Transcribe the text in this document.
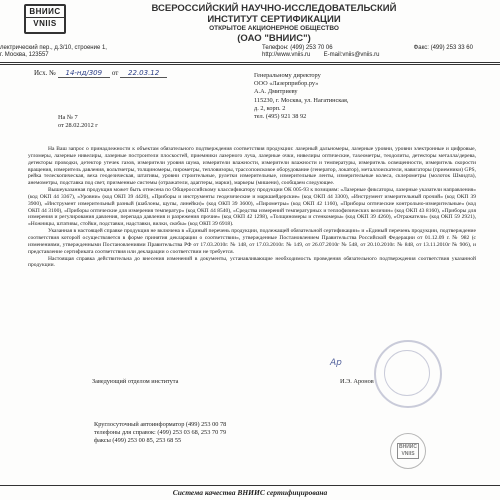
ВНИИС
VNIIS
ВСЕРОССИЙСКИЙ НАУЧНО-ИССЛЕДОВАТЕЛЬСКИЙ
ИНСТИТУТ СЕРТИФИКАЦИИ
ОТКРЫТОЕ АКЦИОНЕРНОЕ ОБЩЕСТВО
(ОАО "ВНИИС")
лектрический пер., д.3/10, строение 1,
г. Москва, 123557
Телефон: (499) 253 70 06	Факс: (499) 253 33 60
http://www.vniis.ru E-mail:vniis@vniis.ru
Исх. № 14-нд/309 от 22.03.12	Генеральному директору
ООО «Лазерприбор.ру»
А.А. Дмитриеву
115230, г. Москва, ул. Нагатинская,
д. 2, корп. 2
тел. (495) 921 38 92
На № 7
от 28.02.2012 г

На Ваш запрос о принадлежности к объектам обязательного подтверждения соответствия продукции: лазерный дальномеры, лазерные уровни, уровни электронные и цифровые, угломеры, лазерные нивелиры, лазерные построители плоскостей, приемники лазерного луча, лазерные очки, нивелиры оптические, тахеометры, теодолиты, детекторы металла/дерева, детекторы проводки, детектор утечек газов, измерители уровня шума, измерители влажности, измерители влажности и температуры, измеритель освещенности, измеритель скорости вращения, измеритель давления, вольтметры, толщиномеры, пирометры, тепловизоры, трассопоисковое оборудование (генератор, локатор), металлоискатели, навигаторы (приемники) GPS, рейка телескопическая, веха геодезическая, штативы, уровни строительные, рулетки измерительные, измерительные ленты, измерительные колеса, склерометры (молоток Шмидта), анемометры, подставка под свет, призменные системы (отражатели, адаптеры, марки), маркеры (мишени), сообщаем следующее.

Вышеуказанная продукция может быть отнесена по Общероссийскому классификатору продукции ОК 005-93 к позициям: «Лазерные фиксаторы, лазерные указатели направления» (код ОКП 44 3367), «Уровни» (код ОКП 39 4420), «Приборы и инструменты геодезические и маркшейдерские» (код ОКП 44 3300), «Инструмент измерительный прочий» (код ОКП 39 3900), «Инструмент измерительный разный (шаблоны, щупы, линейки)» (код ОКП 39 3600), «Пирометры» (код ОКП 42 1160), «Приборы оптические контрольно-измерительные» (код ОКП 44 3100), «Приборы оптические для измерения температур» (код ОКП 44 8540), «Средства измерений температурных и теплофизических величин» (код ОКП 43 8160), «Приборы для измерения и регулирования давления, перепада давления и разрежения прочие» (код ОКП 42 1298), «Толщиномеры и стенкомеры» (код ОКП 39 4260), «Отражатели» (код ОКП 59 2921), «Ножницы, штативы, стойки, подставки, надставки, вилки, скобы» (код ОКП 39 6918).

Указанная в настоящей справке продукция не включена в «Единый перечень продукции, подлежащей обязательной сертификации» и «Единый перечень продукции, подтверждение соответствия которой осуществляется в форме принятия декларации о соответствии», утвержденные Постановлением Правительства Российской Федерации от 01.12.09 г. № 982 (с изменениями, утвержденными Постановлениями Правительства РФ от 17.03.2010г. № 148, от 17.03.2010г. № 149, от 26.07.2010г № 548, от 20.10.2010г. № 848, от 13.11.2010г № 906), и представление сертификата соответствия или декларации о соответствии не требуется.

Настоящая справка действительна до внесения изменений в документы, устанавливающие необходимость проведения обязательного подтверждения соответствия указанной продукции.

Ар
Заведующий отделом института	И.Э. Аронов
Круглосуточный автоинформатор (499) 253 00 78
телефоны для справок: (499) 253 03 68, 253 70 79
факсы (499) 253 00 85, 253 68 55
ВНИИС
VNIIS
Система качества ВНИИС сертифицирована
